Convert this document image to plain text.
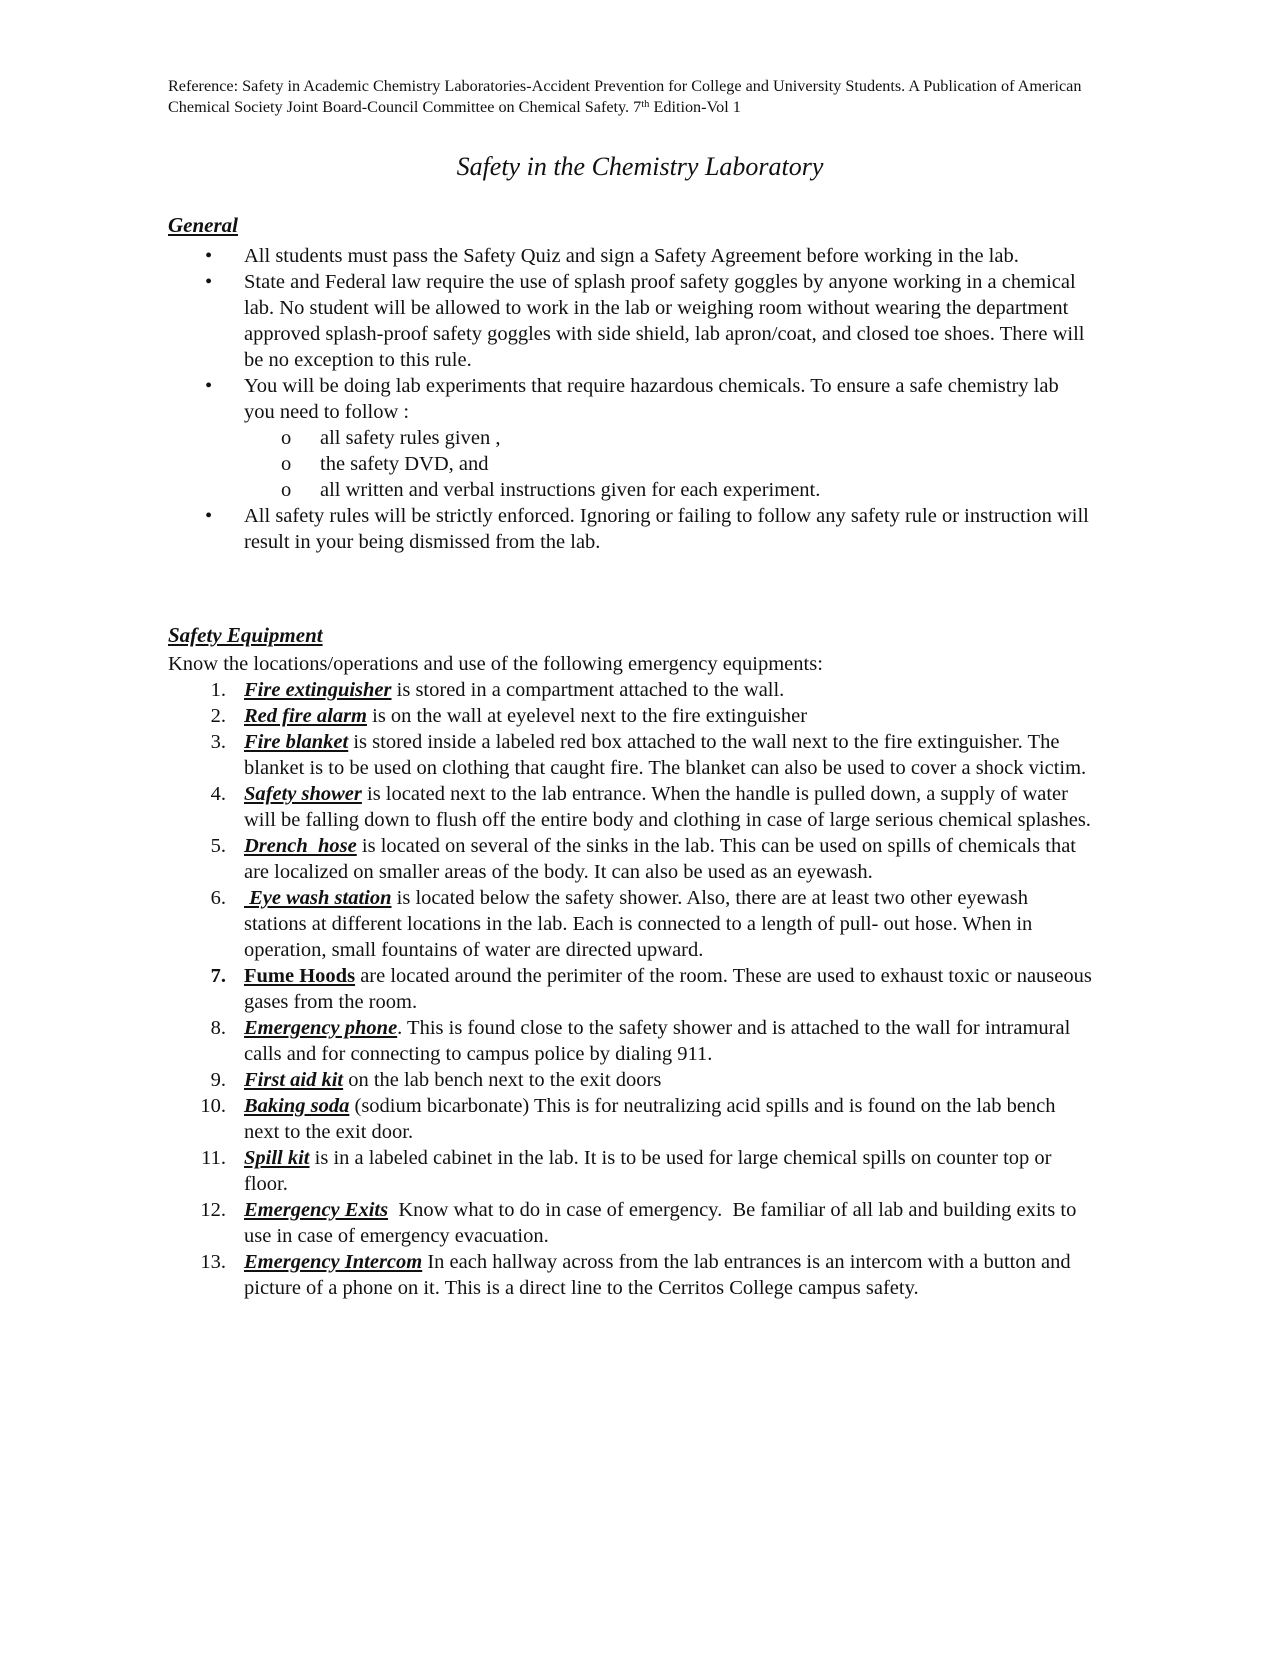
Reference: Safety in Academic Chemistry Laboratories-Accident Prevention for College and University Students. A Publication of American Chemical Society Joint Board-Council Committee on Chemical Safety. 7th Edition-Vol 1
Safety in the Chemistry Laboratory
General
• All students must pass the Safety Quiz and sign a Safety Agreement before working in the lab.
• State and Federal law require the use of splash proof safety goggles by anyone working in a chemical lab. No student will be allowed to work in the lab or weighing room without wearing the department approved splash-proof safety goggles with side shield, lab apron/coat, and closed toe shoes. There will be no exception to this rule.
• You will be doing lab experiments that require hazardous chemicals. To ensure a safe chemistry lab you need to follow :
o all safety rules given ,
o the safety DVD, and
o all written and verbal instructions given for each experiment.
• All safety rules will be strictly enforced. Ignoring or failing to follow any safety rule or instruction will result in your being dismissed from the lab.
Safety Equipment
Know the locations/operations and use of the following emergency equipments:
1. Fire extinguisher is stored in a compartment attached to the wall.
2. Red fire alarm is on the wall at eyelevel next to the fire extinguisher
3. Fire blanket is stored inside a labeled red box attached to the wall next to the fire extinguisher. The blanket is to be used on clothing that caught fire. The blanket can also be used to cover a shock victim.
4. Safety shower is located next to the lab entrance. When the handle is pulled down, a supply of water will be falling down to flush off the entire body and clothing in case of large serious chemical splashes.
5. Drench  hose is located on several of the sinks in the lab. This can be used on spills of chemicals that are localized on smaller areas of the body. It can also be used as an eyewash.
6. Eye wash station is located below the safety shower. Also, there are at least two other eyewash stations at different locations in the lab. Each is connected to a length of pull- out hose. When in operation, small fountains of water are directed upward.
7. Fume Hoods are located around the perimiter of the room. These are used to exhaust toxic or nauseous gases from the room.
8. Emergency phone. This is found close to the safety shower and is attached to the wall for intramural calls and for connecting to campus police by dialing 911.
9. First aid kit on the lab bench next to the exit doors
10. Baking soda (sodium bicarbonate) This is for neutralizing acid spills and is found on the lab bench next to the exit door.
11. Spill kit is in a labeled cabinet in the lab. It is to be used for large chemical spills on counter top or floor.
12. Emergency Exits  Know what to do in case of emergency.  Be familiar of all lab and building exits to use in case of emergency evacuation.
13. Emergency Intercom In each hallway across from the lab entrances is an intercom with a button and picture of a phone on it. This is a direct line to the Cerritos College campus safety.
